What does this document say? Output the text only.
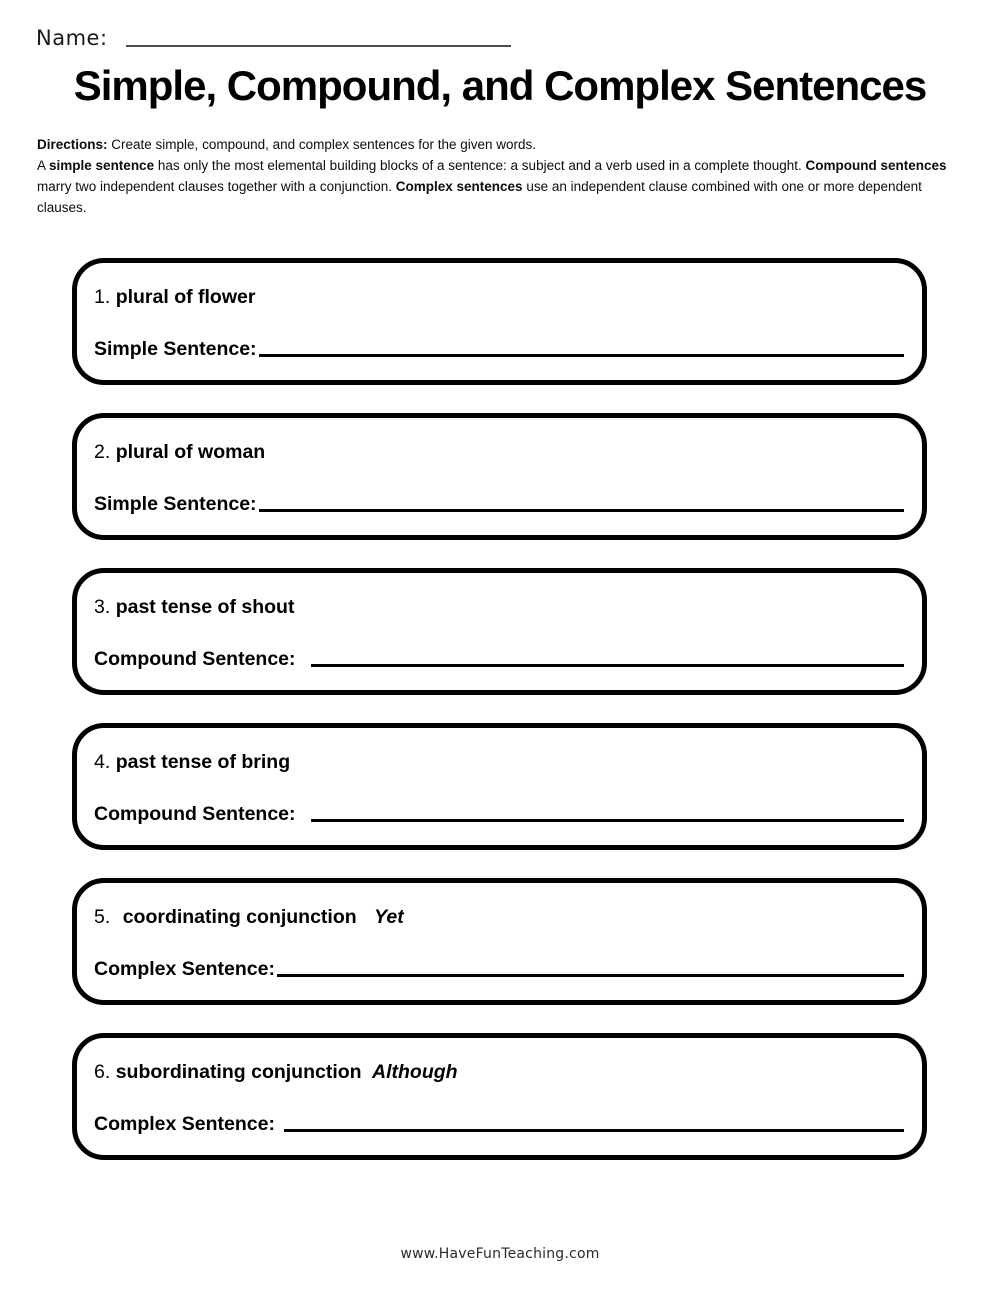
Name:
Simple, Compound, and Complex Sentences

Directions: Create simple, compound, and complex sentences for the given words.

A simple sentence has only the most elemental building blocks of a sentence: a subject and a verb used in a complete thought. Compound sentences marry two independent clauses together with a conjunction. Complex sentences use an independent clause combined with one or more dependent clauses.

1. plural of flower
Simple Sentence:
2. plural of woman
Simple Sentence:
3. past tense of shout
Compound Sentence:
4. past tense of bring
Compound Sentence:
5. coordinating conjunction Yet
Complex Sentence:
6. subordinating conjunction Although
Complex Sentence:
www.HaveFunTeaching.com
